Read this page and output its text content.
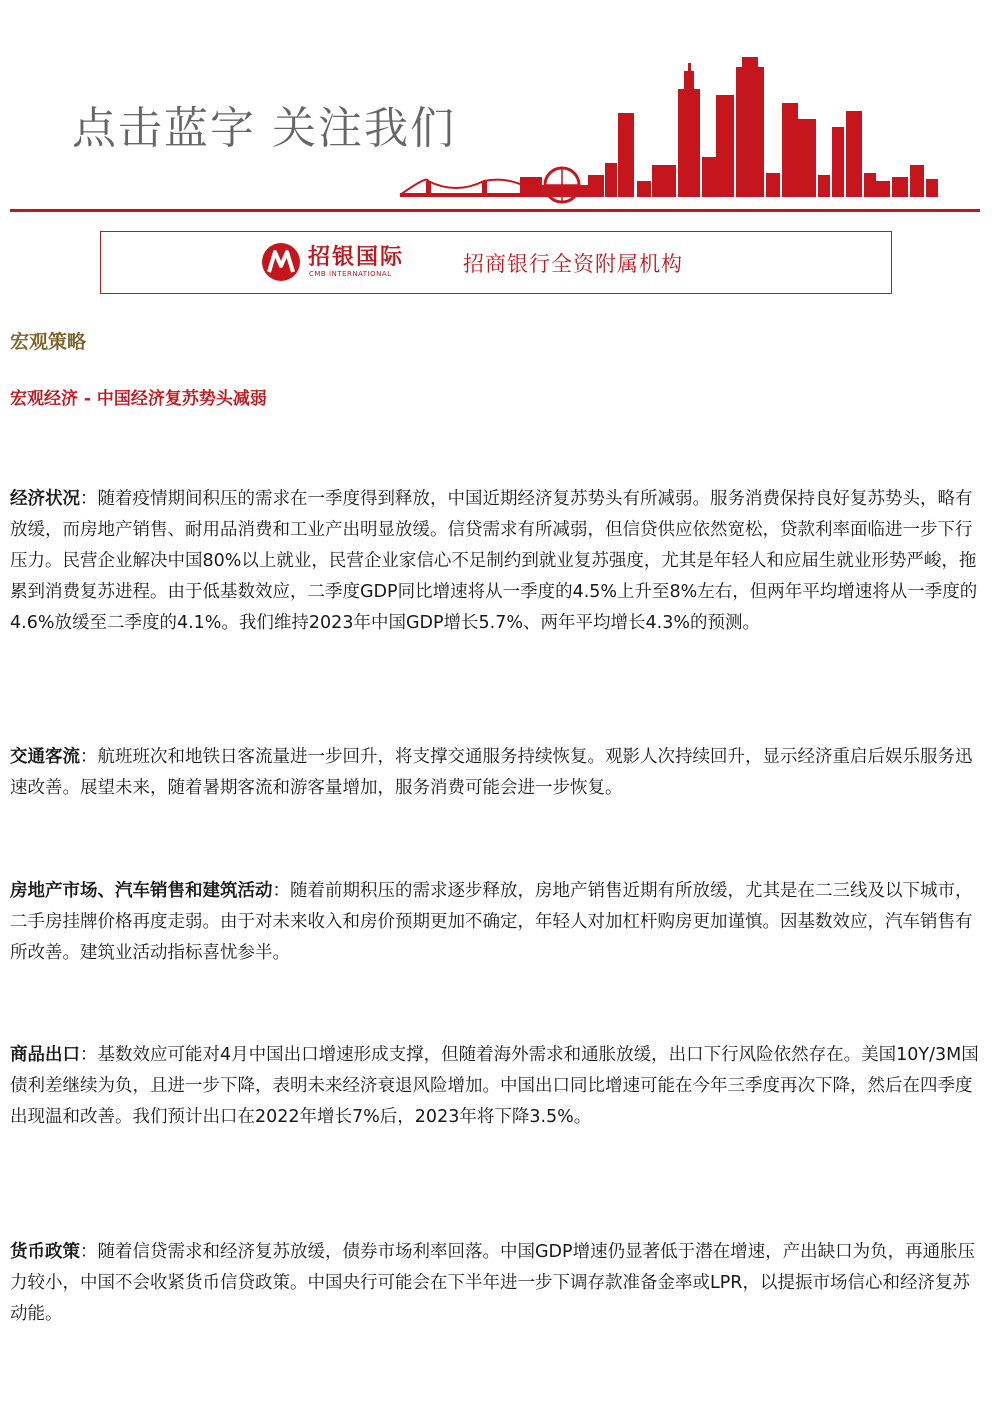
点击蓝字 关注我们
招银国际
CMB INTERNATIONAL	招商银行全资附属机构
宏观策略
宏观经济 - 中国经济复苏势头减弱

经济状况：随着疫情期间积压的需求在一季度得到释放，中国近期经济复苏势头有所减弱。服务消费保持良好复苏势头，略有放缓，而房地产销售、耐用品消费和工业产出明显放缓。信贷需求有所减弱，但信贷供应依然宽松，贷款利率面临进一步下行压力。民营企业解决中国80%以上就业，民营企业家信心不足制约到就业复苏强度，尤其是年轻人和应届生就业形势严峻，拖累到消费复苏进程。由于低基数效应，二季度GDP同比增速将从一季度的4.5%上升至8%左右，但两年平均增速将从一季度的4.6%放缓至二季度的4.1%。我们维持2023年中国GDP增长5.7%、两年平均增长4.3%的预测。

交通客流：航班班次和地铁日客流量进一步回升，将支撑交通服务持续恢复。观影人次持续回升，显示经济重启后娱乐服务迅速改善。展望未来，随着暑期客流和游客量增加，服务消费可能会进一步恢复。

房地产市场、汽车销售和建筑活动：随着前期积压的需求逐步释放，房地产销售近期有所放缓，尤其是在二三线及以下城市，二手房挂牌价格再度走弱。由于对未来收入和房价预期更加不确定，年轻人对加杠杆购房更加谨慎。因基数效应，汽车销售有所改善。建筑业活动指标喜忧参半。

商品出口：基数效应可能对4月中国出口增速形成支撑，但随着海外需求和通胀放缓，出口下行风险依然存在。美国10Y/3M国债利差继续为负，且进一步下降，表明未来经济衰退风险增加。中国出口同比增速可能在今年三季度再次下降，然后在四季度出现温和改善。我们预计出口在2022年增长7%后，2023年将下降3.5%。

货币政策：随着信贷需求和经济复苏放缓，债券市场利率回落。中国GDP增速仍显著低于潜在增速，产出缺口为负，再通胀压力较小，中国不会收紧货币信贷政策。中国央行可能会在下半年进一步下调存款准备金率或LPR，以提振市场信心和经济复苏动能。
